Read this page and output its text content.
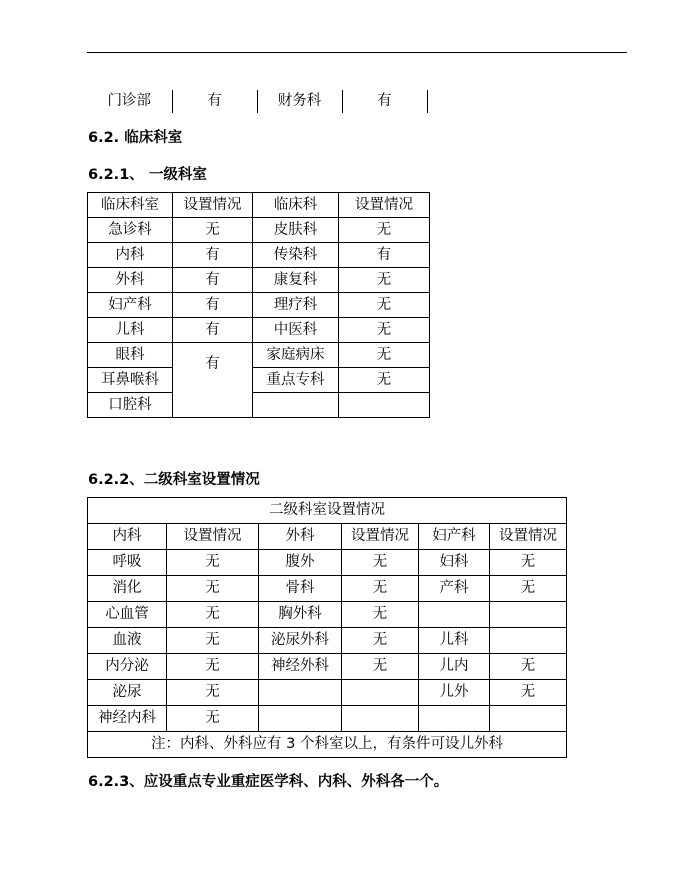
门诊部	有	财务科	有
6.2. 临床科室
6.2.1、 一级科室
临床科室	设置情况	临床科	设置情况
急诊科	无	皮肤科	无
内科	有	传染科	有
外科	有	康复科	无
妇产科	有	理疗科	无
儿科	有	中医科	无
眼科	有	家庭病床	无
耳鼻喉科		重点专科	无
口腔科			
6.2.2、二级科室设置情况
二级科室设置情况					
内科	设置情况	外科	设置情况	妇产科	设置情况
呼吸	无	腹外	无	妇科	无
消化	无	骨科	无	产科	无
心血管	无	胸外科	无		
血液	无	泌尿外科	无	儿科	
内分泌	无	神经外科	无	儿内	无
泌尿	无			儿外	无
神经内科	无				
注：内科、外科应有 3 个科室以上，有条件可设儿外科					
6.2.3、应设重点专业重症医学科、内科、外科各一个。
